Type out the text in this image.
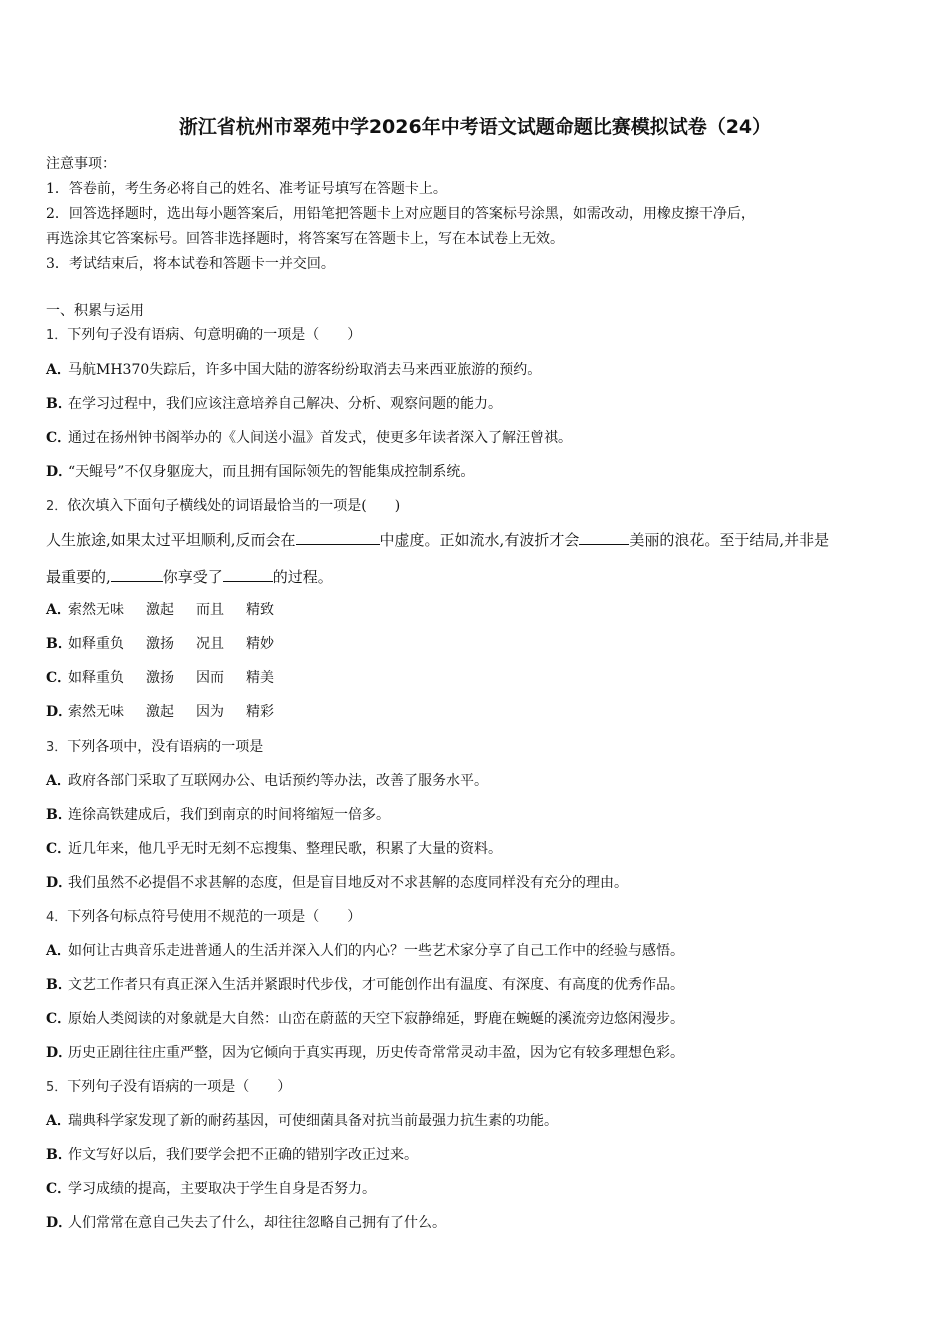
浙江省杭州市翠苑中学2026年中考语文试题命题比赛模拟试卷（24）

注意事项：

1．答卷前，考生务必将自己的姓名、准考证号填写在答题卡上。

2．回答选择题时，选出每小题答案后，用铅笔把答题卡上对应题目的答案标号涂黑，如需改动，用橡皮擦干净后，

再选涂其它答案标号。回答非选择题时，将答案写在答题卡上，写在本试卷上无效。

3．考试结束后，将本试卷和答题卡一并交回。

一、积累与运用
1．下列句子没有语病、句意明确的一项是（　　）
A．马航MH370失踪后，许多中国大陆的游客纷纷取消去马来西亚旅游的预约。
B．在学习过程中，我们应该注意培养自己解决、分析、观察问题的能力。
C．通过在扬州钟书阁举办的《人间送小温》首发式，使更多年读者深入了解汪曾祺。
D．“天鲲号”不仅身躯庞大，而且拥有国际领先的智能集成控制系统。
2．依次填入下面句子横线处的词语最恰当的一项是(　　)
人生旅途,如果太过平坦顺利,反而会在	中虚度。正如流水,有波折才会	美丽的浪花。至于结局,并非是
最重要的,	你享受了	的过程。
A．索然无味 激起 而且 精致
B．如释重负 激扬 况且 精妙
C．如释重负 激扬 因而 精美
D．索然无味 激起 因为 精彩
3．下列各项中，没有语病的一项是
A．政府各部门采取了互联网办公、电话预约等办法，改善了服务水平。
B．连徐高铁建成后，我们到南京的时间将缩短一倍多。
C．近几年来，他几乎无时无刻不忘搜集、整理民歌，积累了大量的资料。
D．我们虽然不必提倡不求甚解的态度，但是盲目地反对不求甚解的态度同样没有充分的理由。
4．下列各句标点符号使用不规范的一项是（　　）
A．如何让古典音乐走进普通人的生活并深入人们的内心？一些艺术家分享了自己工作中的经验与感悟。
B．文艺工作者只有真正深入生活并紧跟时代步伐，才可能创作出有温度、有深度、有高度的优秀作品。
C．原始人类阅读的对象就是大自然：山峦在蔚蓝的天空下寂静绵延，野鹿在蜿蜒的溪流旁边悠闲漫步。
D．历史正剧往往庄重严整，因为它倾向于真实再现，历史传奇常常灵动丰盈，因为它有较多理想色彩。
5．下列句子没有语病的一项是（　　）
A．瑞典科学家发现了新的耐药基因，可使细菌具备对抗当前最强力抗生素的功能。
B．作文写好以后，我们要学会把不正确的错别字改正过来。
C．学习成绩的提高，主要取决于学生自身是否努力。
D．人们常常在意自己失去了什么，却往往忽略自己拥有了什么。
